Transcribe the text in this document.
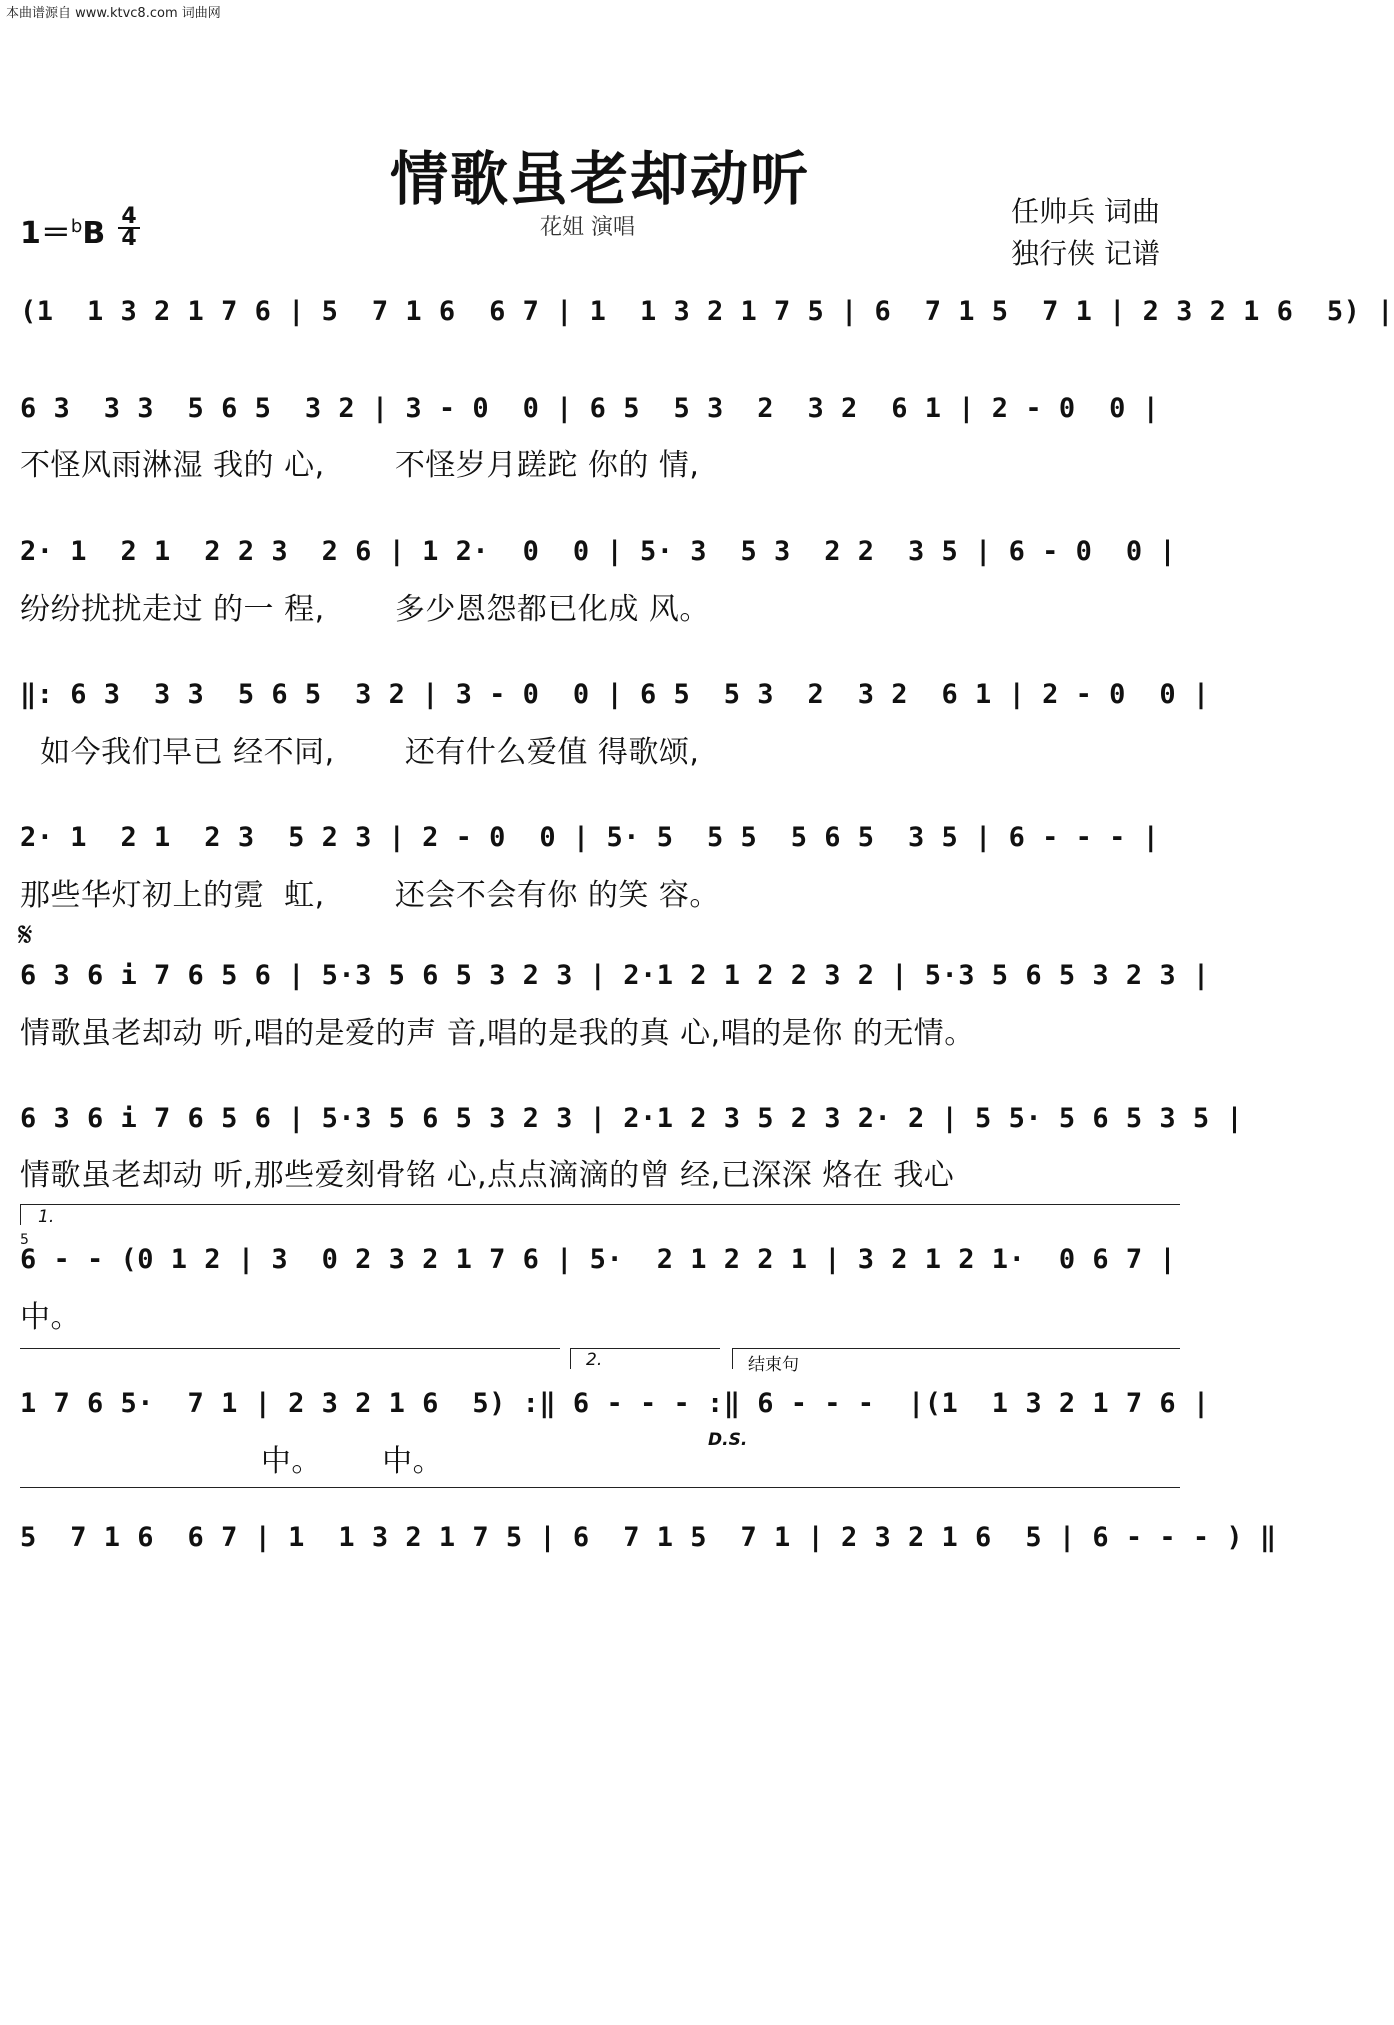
本曲谱源自 www.ktvc8.com 词曲网
情歌虽老却动听
1＝$^b$B 4
4	花姐 演唱	任帅兵 词曲
独行侠 记谱
(1  1 3 2 1 7 6 | 5  7 1 6  6 7 | 1  1 3 2 1 7 5 | 6  7 1 5  7 1 | 2 3 2 1 6  5) |
6 3  3 3  5 6 5  3 2 | 3 - 0  0 | 6 5  5 3  2  3 2  6 1 | 2 - 0  0 |
不怪风雨淋湿 我的 心,       不怪岁月蹉跎 你的 情,
2· 1  2 1  2 2 3  2 6 | 1 2·  0  0 | 5· 3  5 3  2 2  3 5 | 6 - 0  0 |
纷纷扰扰走过 的一 程,       多少恩怨都已化成 风。
‖: 6 3  3 3  5 6 5  3 2 | 3 - 0  0 | 6 5  5 3  2  3 2  6 1 | 2 - 0  0 |
如今我们早已 经不同,       还有什么爱值 得歌颂,
2· 1  2 1  2 3  5 2 3 | 2 - 0  0 | 5· 5  5 5  5 6 5  3 5 | 6 - - - |
那些华灯初上的霓  虹,       还会不会有你 的笑 容。
𝄋
6 3 6 i 7 6 5 6 | 5·3 5 6 5 3 2 3 | 2·1 2 1 2 2 3 2 | 5·3 5 6 5 3 2 3 |
情歌虽老却动 听,唱的是爱的声 音,唱的是我的真 心,唱的是你 的无情。
6 3 6 i 7 6 5 6 | 5·3 5 6 5 3 2 3 | 2·1 2 3 5 2 3 2· 2 | 5 5· 5 6 5 3 5 |
情歌虽老却动 听,那些爱刻骨铭 心,点点滴滴的曾 经,已深深 烙在 我心
1.
5
6 - - (0 1 2 | 3  0 2 3 2 1 7 6 | 5·  2 1 2 2 1 | 3 2 1 2 1·  0 6 7 |
中。
2.	结束句
1 7 6 5·  7 1 | 2 3 2 1 6  5) :‖ 6 - - - :‖ 6 - - -  |(1  1 3 2 1 7 6 |
中。      中。
D.S.
5  7 1 6  6 7 | 1  1 3 2 1 7 5 | 6  7 1 5  7 1 | 2 3 2 1 6  5 | 6 - - - ) ‖
